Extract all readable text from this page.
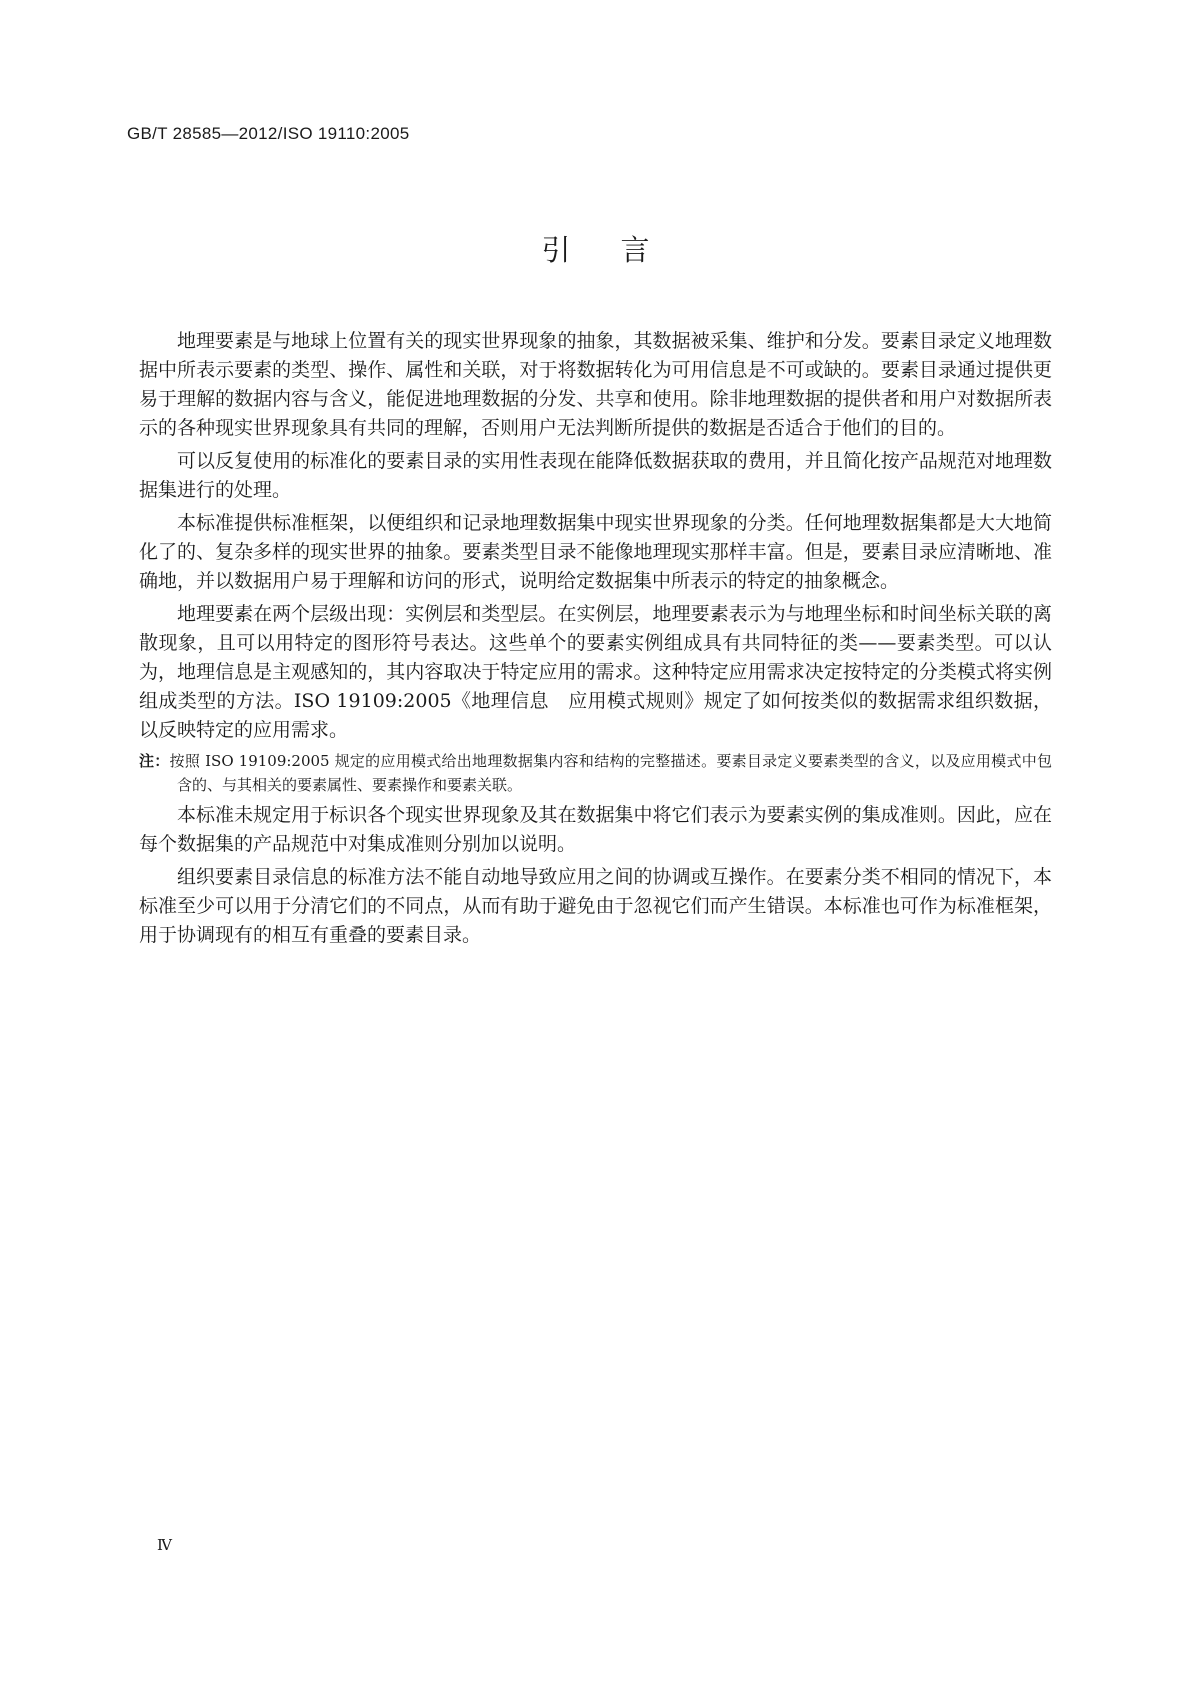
GB/T 28585—2012/ISO 19110:2005
引言

地理要素是与地球上位置有关的现实世界现象的抽象，其数据被采集、维护和分发。要素目录定义地理数据中所表示要素的类型、操作、属性和关联，对于将数据转化为可用信息是不可或缺的。要素目录通过提供更易于理解的数据内容与含义，能促进地理数据的分发、共享和使用。除非地理数据的提供者和用户对数据所表示的各种现实世界现象具有共同的理解，否则用户无法判断所提供的数据是否适合于他们的目的。

可以反复使用的标准化的要素目录的实用性表现在能降低数据获取的费用，并且简化按产品规范对地理数据集进行的处理。

本标准提供标准框架，以便组织和记录地理数据集中现实世界现象的分类。任何地理数据集都是大大地简化了的、复杂多样的现实世界的抽象。要素类型目录不能像地理现实那样丰富。但是，要素目录应清晰地、准确地，并以数据用户易于理解和访问的形式，说明给定数据集中所表示的特定的抽象概念。

地理要素在两个层级出现：实例层和类型层。在实例层，地理要素表示为与地理坐标和时间坐标关联的离散现象，且可以用特定的图形符号表达。这些单个的要素实例组成具有共同特征的类——要素类型。可以认为，地理信息是主观感知的，其内容取决于特定应用的需求。这种特定应用需求决定按特定的分类模式将实例组成类型的方法。ISO 19109:2005《地理信息　应用模式规则》规定了如何按类似的数据需求组织数据，以反映特定的应用需求。

注：按照 ISO 19109:2005 规定的应用模式给出地理数据集内容和结构的完整描述。要素目录定义要素类型的含义，以及应用模式中包含的、与其相关的要素属性、要素操作和要素关联。

本标准未规定用于标识各个现实世界现象及其在数据集中将它们表示为要素实例的集成准则。因此，应在每个数据集的产品规范中对集成准则分别加以说明。

组织要素目录信息的标准方法不能自动地导致应用之间的协调或互操作。在要素分类不相同的情况下，本标准至少可以用于分清它们的不同点，从而有助于避免由于忽视它们而产生错误。本标准也可作为标准框架，用于协调现有的相互有重叠的要素目录。

Ⅳ
